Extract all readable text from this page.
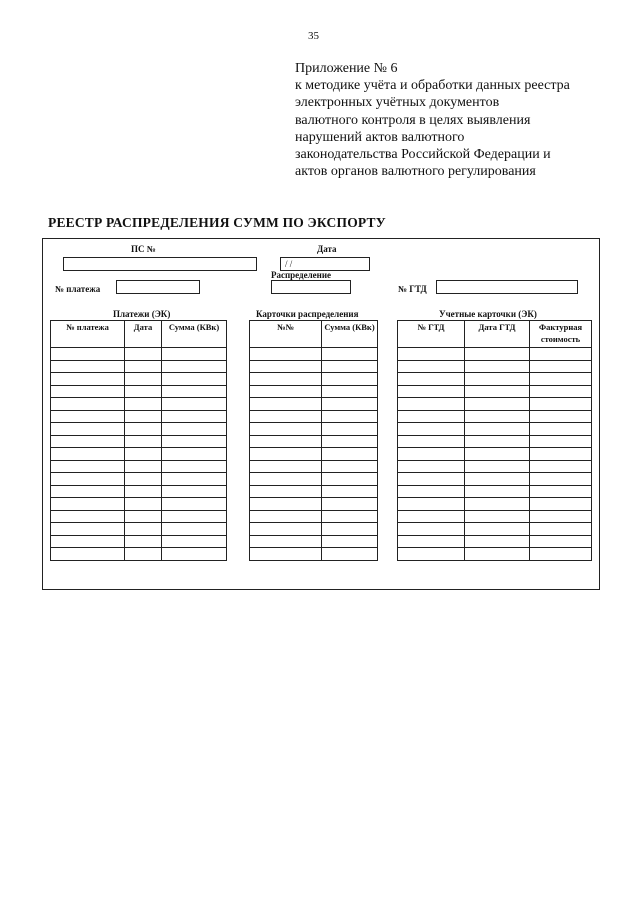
35
Приложение № 6
к методике учёта и обработки данных реестра
электронных учётных документов
валютного контроля в целях выявления
нарушений актов валютного
законодательства Российской Федерации и
актов органов валютного регулирования
РЕЕСТР РАСПРЕДЕЛЕНИЯ СУММ ПО ЭКСПОРТУ
ПС №	Дата
/ /
Распределение
№ платежа	№ ГТД
Платежи (ЭК)
№ платежа	Дата	Сумма (КВк)

Карточки распределения
№№	Сумма (КВк)

Учетные карточки (ЭК)
№ ГТД	Дата ГТД	Фактурная стоимость
